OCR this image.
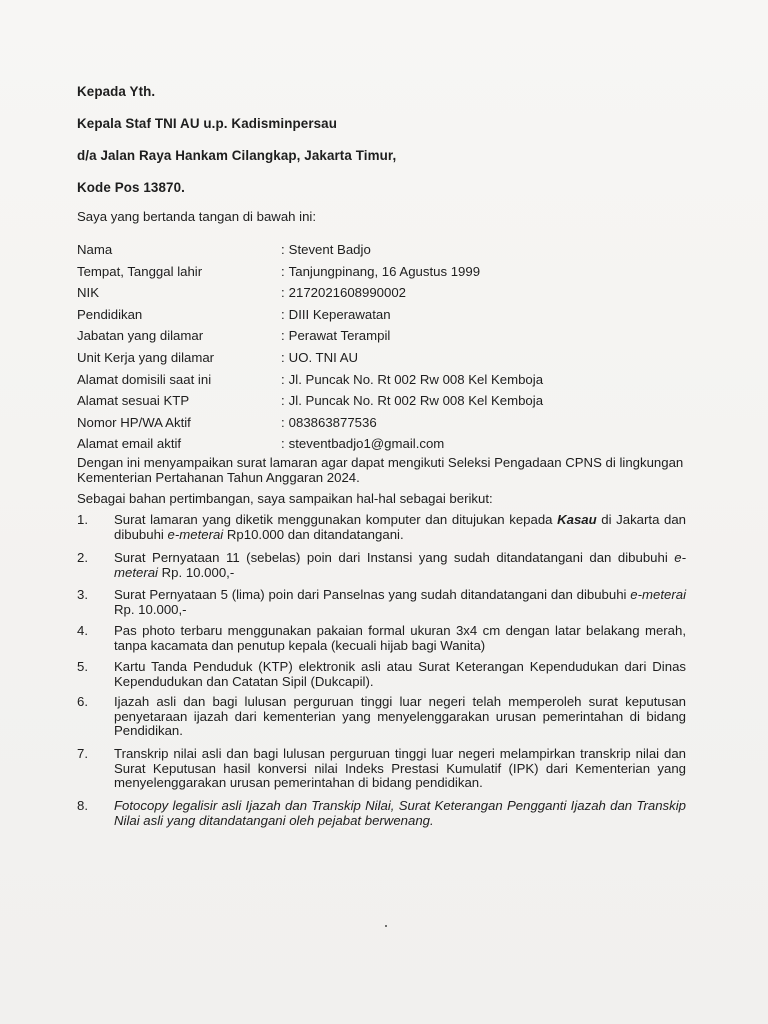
Kepada Yth.
Kepala Staf TNI AU u.p. Kadisminpersau
d/a Jalan Raya Hankam Cilangkap, Jakarta Timur,
Kode Pos 13870.
Saya yang bertanda tangan di bawah ini:
Nama	: Stevent Badjo
Tempat, Tanggal lahir	: Tanjungpinang, 16 Agustus 1999
NIK	: 2172021608990002
Pendidikan	: DIII Keperawatan
Jabatan yang dilamar	: Perawat Terampil
Unit Kerja yang dilamar	: UO. TNI AU
Alamat domisili saat ini	: Jl. Puncak No. Rt 002 Rw 008 Kel Kemboja
Alamat sesuai KTP	: Jl. Puncak No. Rt 002 Rw 008 Kel Kemboja
Nomor HP/WA Aktif	: 083863877536
Alamat email aktif	: steventbadjo1@gmail.com
Dengan ini menyampaikan surat lamaran agar dapat mengikuti Seleksi Pengadaan CPNS di lingkungan Kementerian Pertahanan Tahun Anggaran 2024.
Sebagai bahan pertimbangan, saya sampaikan hal-hal sebagai berikut:
1.	Surat lamaran yang diketik menggunakan komputer dan ditujukan kepada Kasau di Jakarta dan dibubuhi e-meterai Rp10.000 dan ditandatangani.
2.	Surat Pernyataan 11 (sebelas) poin dari Instansi yang sudah ditandatangani dan dibubuhi e-meterai Rp. 10.000,-
3.	Surat Pernyataan 5 (lima) poin dari Panselnas yang sudah ditandatangani dan dibubuhi e-meterai Rp. 10.000,-
4.	Pas photo terbaru menggunakan pakaian formal ukuran 3x4 cm dengan latar belakang merah, tanpa kacamata dan penutup kepala (kecuali hijab bagi Wanita)
5.	Kartu Tanda Penduduk (KTP) elektronik asli atau Surat Keterangan Kependudukan dari Dinas Kependudukan dan Catatan Sipil (Dukcapil).
6.	Ijazah asli dan bagi lulusan perguruan tinggi luar negeri telah memperoleh surat keputusan penyetaraan ijazah dari kementerian yang menyelenggarakan urusan pemerintahan di bidang Pendidikan.
7.	Transkrip nilai asli dan bagi lulusan perguruan tinggi luar negeri melampirkan transkrip nilai dan Surat Keputusan hasil konversi nilai Indeks Prestasi Kumulatif (IPK) dari Kementerian yang menyelenggarakan urusan pemerintahan di bidang pendidikan.
8.	Fotocopy legalisir asli Ijazah dan Transkip Nilai, Surat Keterangan Pengganti Ijazah dan Transkip Nilai asli yang ditandatangani oleh pejabat berwenang.
